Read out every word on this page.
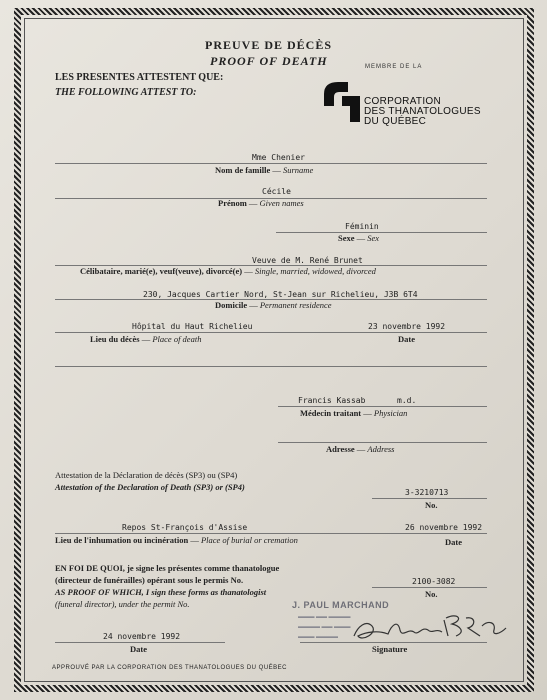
PREUVE DE DÉCÈS
PROOF OF DEATH	MEMBRE DE LA
LES PRESENTES ATTESTENT QUE:
THE FOLLOWING ATTEST TO:
CORPORATION
DES THANATOLOGUES
DU QUÉBEC
Mme Chenier
Nom de famille — Surname
Cécile
Prénom — Given names
Féminin
Sexe — Sex
Veuve de M. René Brunet
Célibataire, marié(e), veuf(veuve), divorcé(e) — Single, married, widowed, divorced
230, Jacques Cartier Nord, St-Jean sur Richelieu, J3B 6T4
Domicile — Permanent residence
Hôpital du Haut Richelieu	23 novembre 1992
Lieu du décès — Place of death	Date
Francis Kassab	m.d.
Médecin traitant — Physician
Adresse — Address
Attestation de la Déclaration de décès (SP3) ou (SP4)
Attestation of the Declaration of Death (SP3) or (SP4)
3-3210713
No.
Repos St-François d'Assise	26 novembre 1992
Lieu de l'inhumation ou incinération — Place of burial or cremation	Date
EN FOI DE QUOI, je signe les présentes comme thanatologue
(directeur de funérailles) opérant sous le permis No.
AS PROOF OF WHICH, I sign these forms as thanatologist
(funeral director), under the permit No.
2100-3082
No.
J. PAUL MARCHAND
▬▬▬ ▬▬ ▬▬▬▬
▬▬▬▬ ▬▬ ▬▬▬
▬▬▬ ▬▬▬▬
24 novembre 1992
Date	Signature
APPROUVÉ PAR LA CORPORATION DES THANATOLOGUES DU QUÉBEC
